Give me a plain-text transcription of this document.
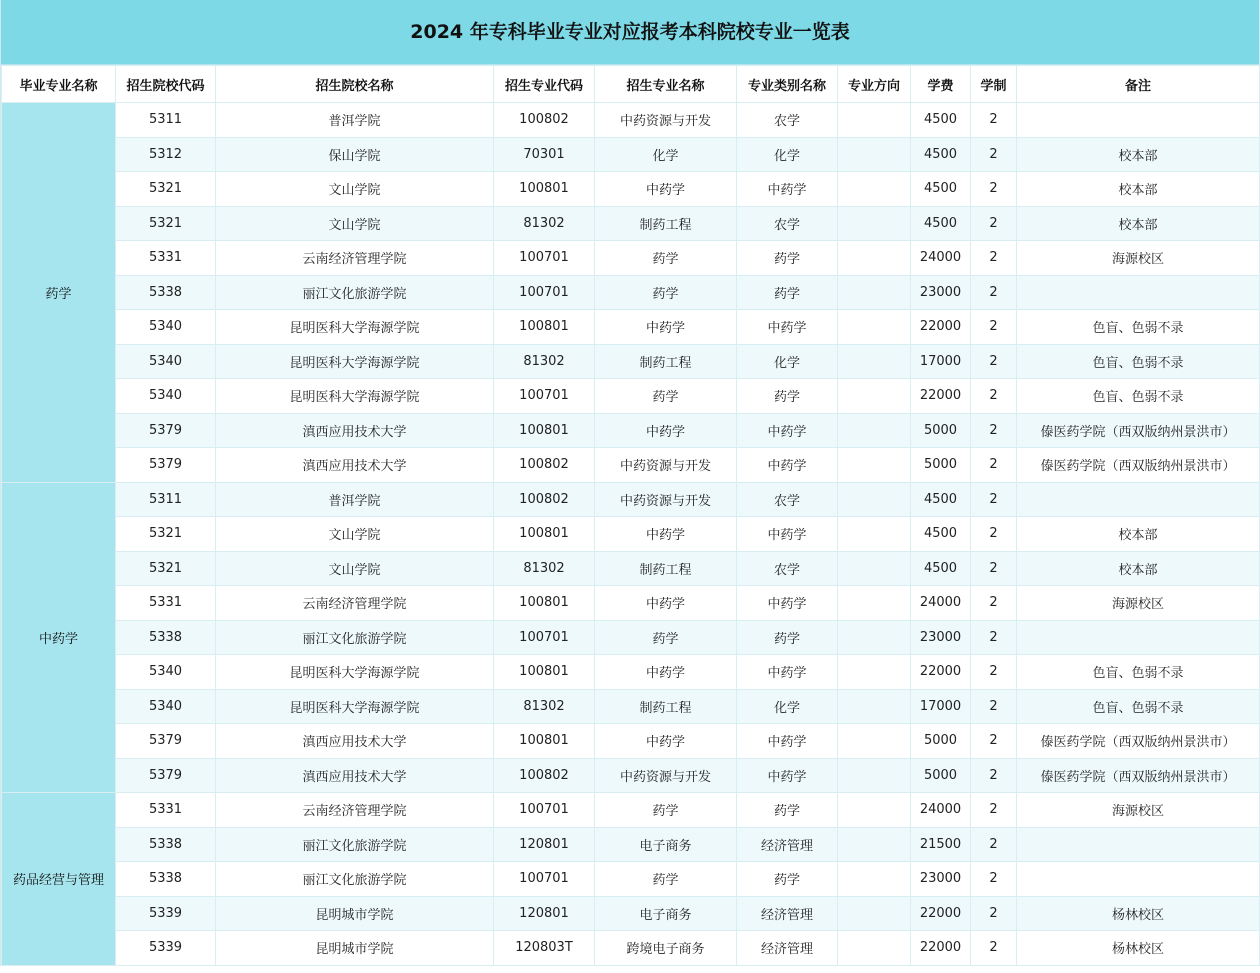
2024 年专科毕业专业对应报考本科院校专业一览表
毕业专业名称	招生院校代码	招生院校名称	招生专业代码	招生专业名称	专业类别名称	专业方向	学费	学制	备注
药学	5311	普洱学院	100802	中药资源与开发	农学		4500	2	
	5312	保山学院	70301	化学	化学		4500	2	校本部
	5321	文山学院	100801	中药学	中药学		4500	2	校本部
	5321	文山学院	81302	制药工程	农学		4500	2	校本部
	5331	云南经济管理学院	100701	药学	药学		24000	2	海源校区
	5338	丽江文化旅游学院	100701	药学	药学		23000	2	
	5340	昆明医科大学海源学院	100801	中药学	中药学		22000	2	色盲、色弱不录
	5340	昆明医科大学海源学院	81302	制药工程	化学		17000	2	色盲、色弱不录
	5340	昆明医科大学海源学院	100701	药学	药学		22000	2	色盲、色弱不录
	5379	滇西应用技术大学	100801	中药学	中药学		5000	2	傣医药学院（西双版纳州景洪市）
	5379	滇西应用技术大学	100802	中药资源与开发	中药学		5000	2	傣医药学院（西双版纳州景洪市）
中药学	5311	普洱学院	100802	中药资源与开发	农学		4500	2	
	5321	文山学院	100801	中药学	中药学		4500	2	校本部
	5321	文山学院	81302	制药工程	农学		4500	2	校本部
	5331	云南经济管理学院	100801	中药学	中药学		24000	2	海源校区
	5338	丽江文化旅游学院	100701	药学	药学		23000	2	
	5340	昆明医科大学海源学院	100801	中药学	中药学		22000	2	色盲、色弱不录
	5340	昆明医科大学海源学院	81302	制药工程	化学		17000	2	色盲、色弱不录
	5379	滇西应用技术大学	100801	中药学	中药学		5000	2	傣医药学院（西双版纳州景洪市）
	5379	滇西应用技术大学	100802	中药资源与开发	中药学		5000	2	傣医药学院（西双版纳州景洪市）
药品经营与管理	5331	云南经济管理学院	100701	药学	药学		24000	2	海源校区
	5338	丽江文化旅游学院	120801	电子商务	经济管理		21500	2	
	5338	丽江文化旅游学院	100701	药学	药学		23000	2	
	5339	昆明城市学院	120801	电子商务	经济管理		22000	2	杨林校区
	5339	昆明城市学院	120803T	跨境电子商务	经济管理		22000	2	杨林校区
